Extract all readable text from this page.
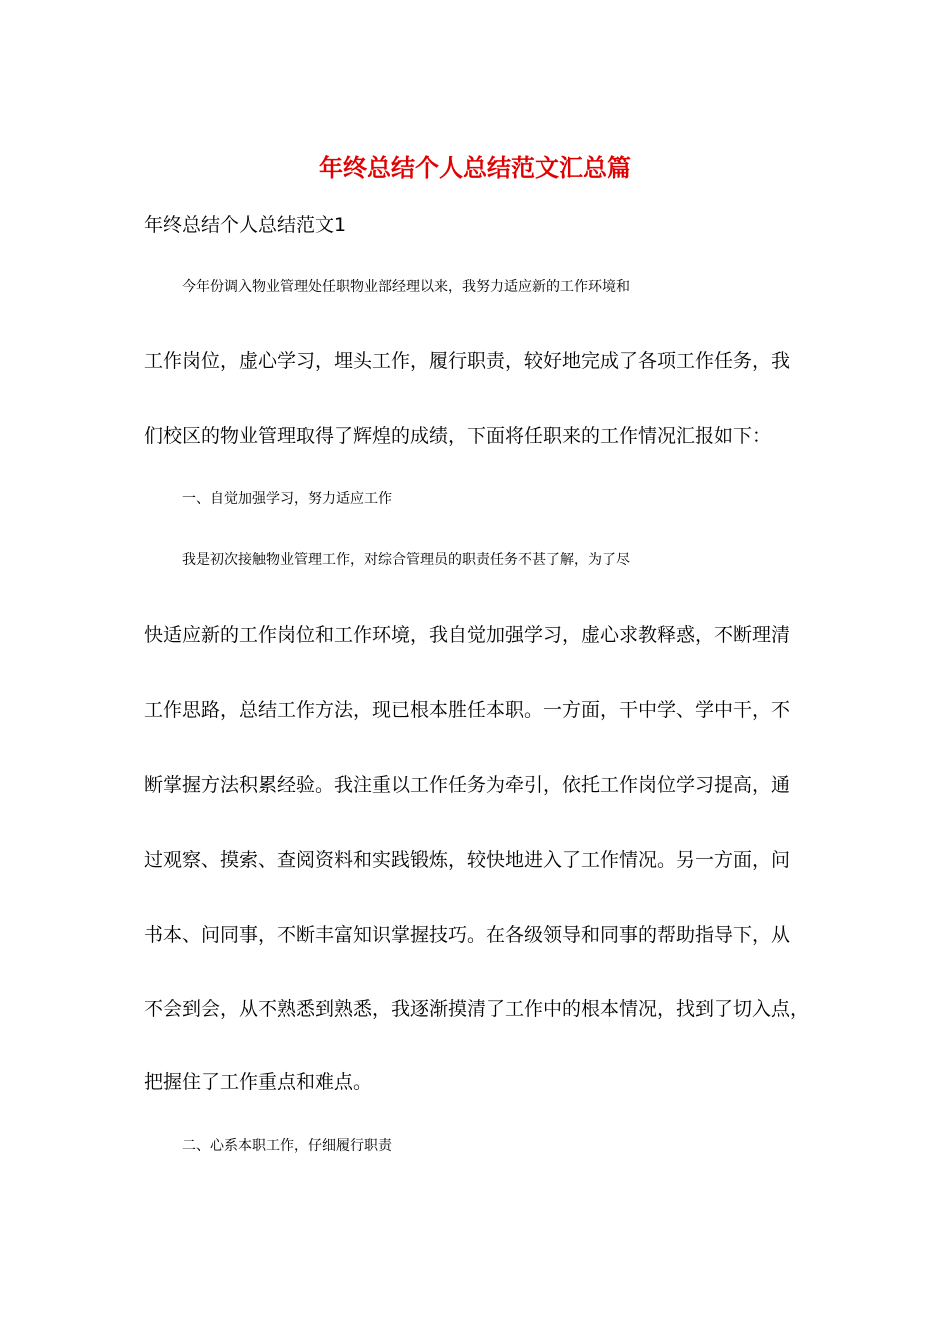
年终总结个人总结范文汇总篇

年终总结个人总结范文1

今年份调入物业管理处任职物业部经理以来，我努力适应新的工作环境和

工作岗位，虚心学习，埋头工作，履行职责，较好地完成了各项工作任务，我

们校区的物业管理取得了辉煌的成绩，下面将任职来的工作情况汇报如下：

一、自觉加强学习，努力适应工作

我是初次接触物业管理工作，对综合管理员的职责任务不甚了解，为了尽

快适应新的工作岗位和工作环境，我自觉加强学习，虚心求教释惑，不断理清

工作思路，总结工作方法，现已根本胜任本职。一方面，干中学、学中干，不

断掌握方法积累经验。我注重以工作任务为牵引，依托工作岗位学习提高，通

过观察、摸索、查阅资料和实践锻炼，较快地进入了工作情况。另一方面，问

书本、问同事，不断丰富知识掌握技巧。在各级领导和同事的帮助指导下，从

不会到会，从不熟悉到熟悉，我逐渐摸清了工作中的根本情况，找到了切入点，

把握住了工作重点和难点。

二、心系本职工作，仔细履行职责
